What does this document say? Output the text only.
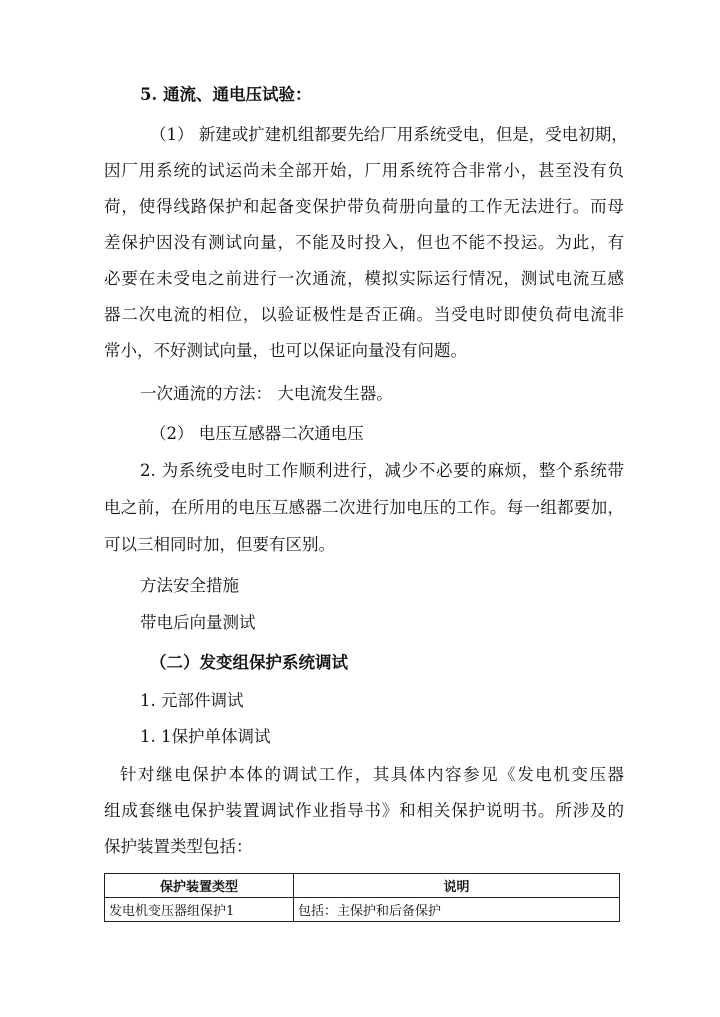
5. 通流、通电压试验：
（1） 新建或扩建机组都要先给厂用系统受电，但是，受电初期，
因厂用系统的试运尚未全部开始，厂用系统符合非常小，甚至没有负
荷，使得线路保护和起备变保护带负荷册向量的工作无法进行。而母
差保护因没有测试向量，不能及时投入，但也不能不投运。为此，有
必要在未受电之前进行一次通流，模拟实际运行情况，测试电流互感
器二次电流的相位，以验证极性是否正确。当受电时即使负荷电流非
常小，不好测试向量，也可以保证向量没有问题。
一次通流的方法： 大电流发生器。
（2） 电压互感器二次通电压
2. 为系统受电时工作顺利进行，减少不必要的麻烦，整个系统带
电之前，在所用的电压互感器二次进行加电压的工作。每一组都要加，
可以三相同时加，但要有区别。
方法安全措施
带电后向量测试
（二）发变组保护系统调试
1. 元部件调试
1. 1保护单体调试
针对继电保护本体的调试工作，其具体内容参见《发电机变压器
组成套继电保护装置调试作业指导书》和相关保护说明书。所涉及的
保护装置类型包括：
保护装置类型	说明
发电机变压器组保护1	包括：主保护和后备保护
